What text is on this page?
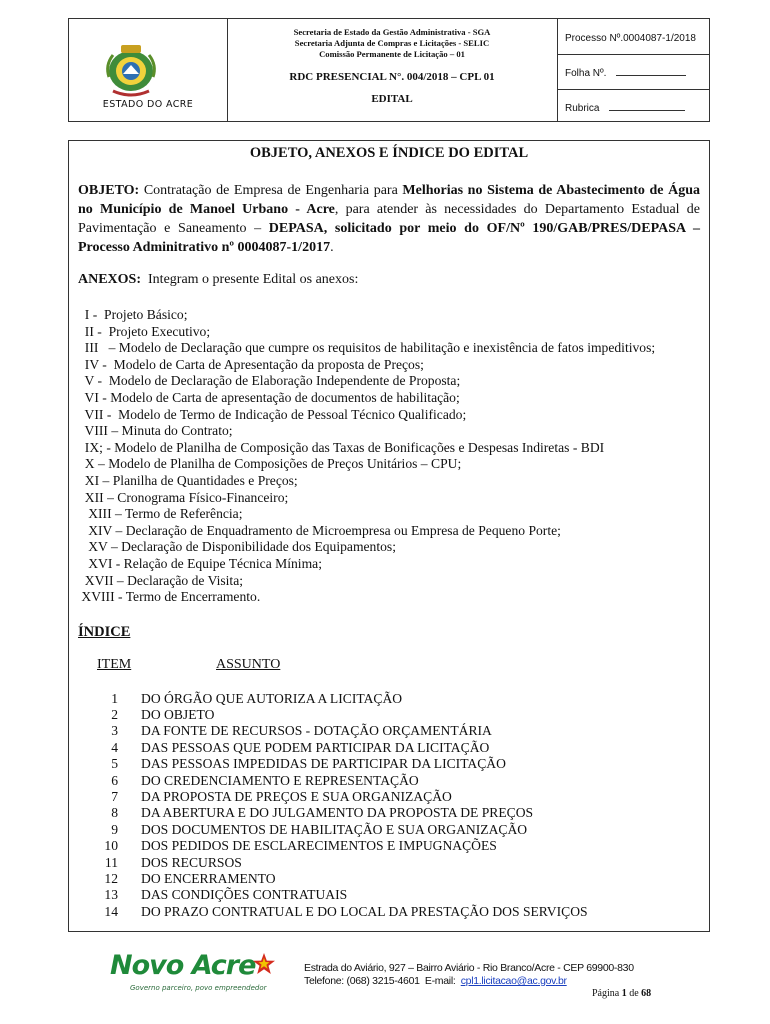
ESTADO DO ACRE
Secretaria de Estado da Gestão Administrativa - SGA
Secretaria Adjunta de Compras e Licitações - SELIC
Comissão Permanente de Licitação – 01
RDC PRESENCIAL N°. 004/2018 – CPL 01
EDITAL
Processo Nº.0004087-1/2018
Folha Nº.
Rubrica
OBJETO, ANEXOS E ÍNDICE DO EDITAL
OBJETO: Contratação de Empresa de Engenharia para Melhorias no Sistema de Abastecimento de Água no Município de Manoel Urbano - Acre, para atender às necessidades do Departamento Estadual de Pavimentação e Saneamento – DEPASA, solicitado por meio do OF/Nº 190/GAB/PRES/DEPASA – Processo Adminitrativo nº 0004087-1/2017.
ANEXOS:  Integram o presente Edital os anexos:
I -  Projeto Básico;
II -  Projeto Executivo;
III   – Modelo de Declaração que cumpre os requisitos de habilitação e inexistência de fatos impeditivos;
IV -  Modelo de Carta de Apresentação da proposta de Preços;
V -  Modelo de Declaração de Elaboração Independente de Proposta;
VI - Modelo de Carta de apresentação de documentos de habilitação;
VII -  Modelo de Termo de Indicação de Pessoal Técnico Qualificado;
VIII – Minuta do Contrato;
IX; - Modelo de Planilha de Composição das Taxas de Bonificações e Despesas Indiretas - BDI
X – Modelo de Planilha de Composições de Preços Unitários – CPU;
XI – Planilha de Quantidades e Preços;
XII – Cronograma Físico-Financeiro;
XIII – Termo de Referência;
XIV – Declaração de Enquadramento de Microempresa ou Empresa de Pequeno Porte;
XV – Declaração de Disponibilidade dos Equipamentos;
XVI - Relação de Equipe Técnica Mínima;
XVII – Declaração de Visita;
XVIII - Termo de Encerramento.
ÍNDICE
ITEM	ASSUNTO
1 DO ÓRGÃO QUE AUTORIZA A LICITAÇÃO
2 DO OBJETO
3 DA FONTE DE RECURSOS - DOTAÇÃO ORÇAMENTÁRIA
4 DAS PESSOAS QUE PODEM PARTICIPAR DA LICITAÇÃO
5 DAS PESSOAS IMPEDIDAS DE PARTICIPAR DA LICITAÇÃO
6 DO CREDENCIAMENTO E REPRESENTAÇÃO
7 DA PROPOSTA DE PREÇOS E SUA ORGANIZAÇÃO
8 DA ABERTURA E DO JULGAMENTO DA PROPOSTA DE PREÇOS
9 DOS DOCUMENTOS DE HABILITAÇÃO E SUA ORGANIZAÇÃO
10 DOS PEDIDOS DE ESCLARECIMENTOS E IMPUGNAÇÕES
11 DOS RECURSOS
12 DO ENCERRAMENTO
13 DAS CONDIÇÕES CONTRATUAIS
14 DO PRAZO CONTRATUAL E DO LOCAL DA PRESTAÇÃO DOS SERVIÇOS
Novo Acre
Governo parceiro, povo empreendedor
Estrada do Aviário, 927 – Bairro Aviário - Rio Branco/Acre - CEP 69900-830
Telefone: (068) 3215-4601  E-mail:  cpl1.licitacao@ac.gov.br
Página 1 de 68
